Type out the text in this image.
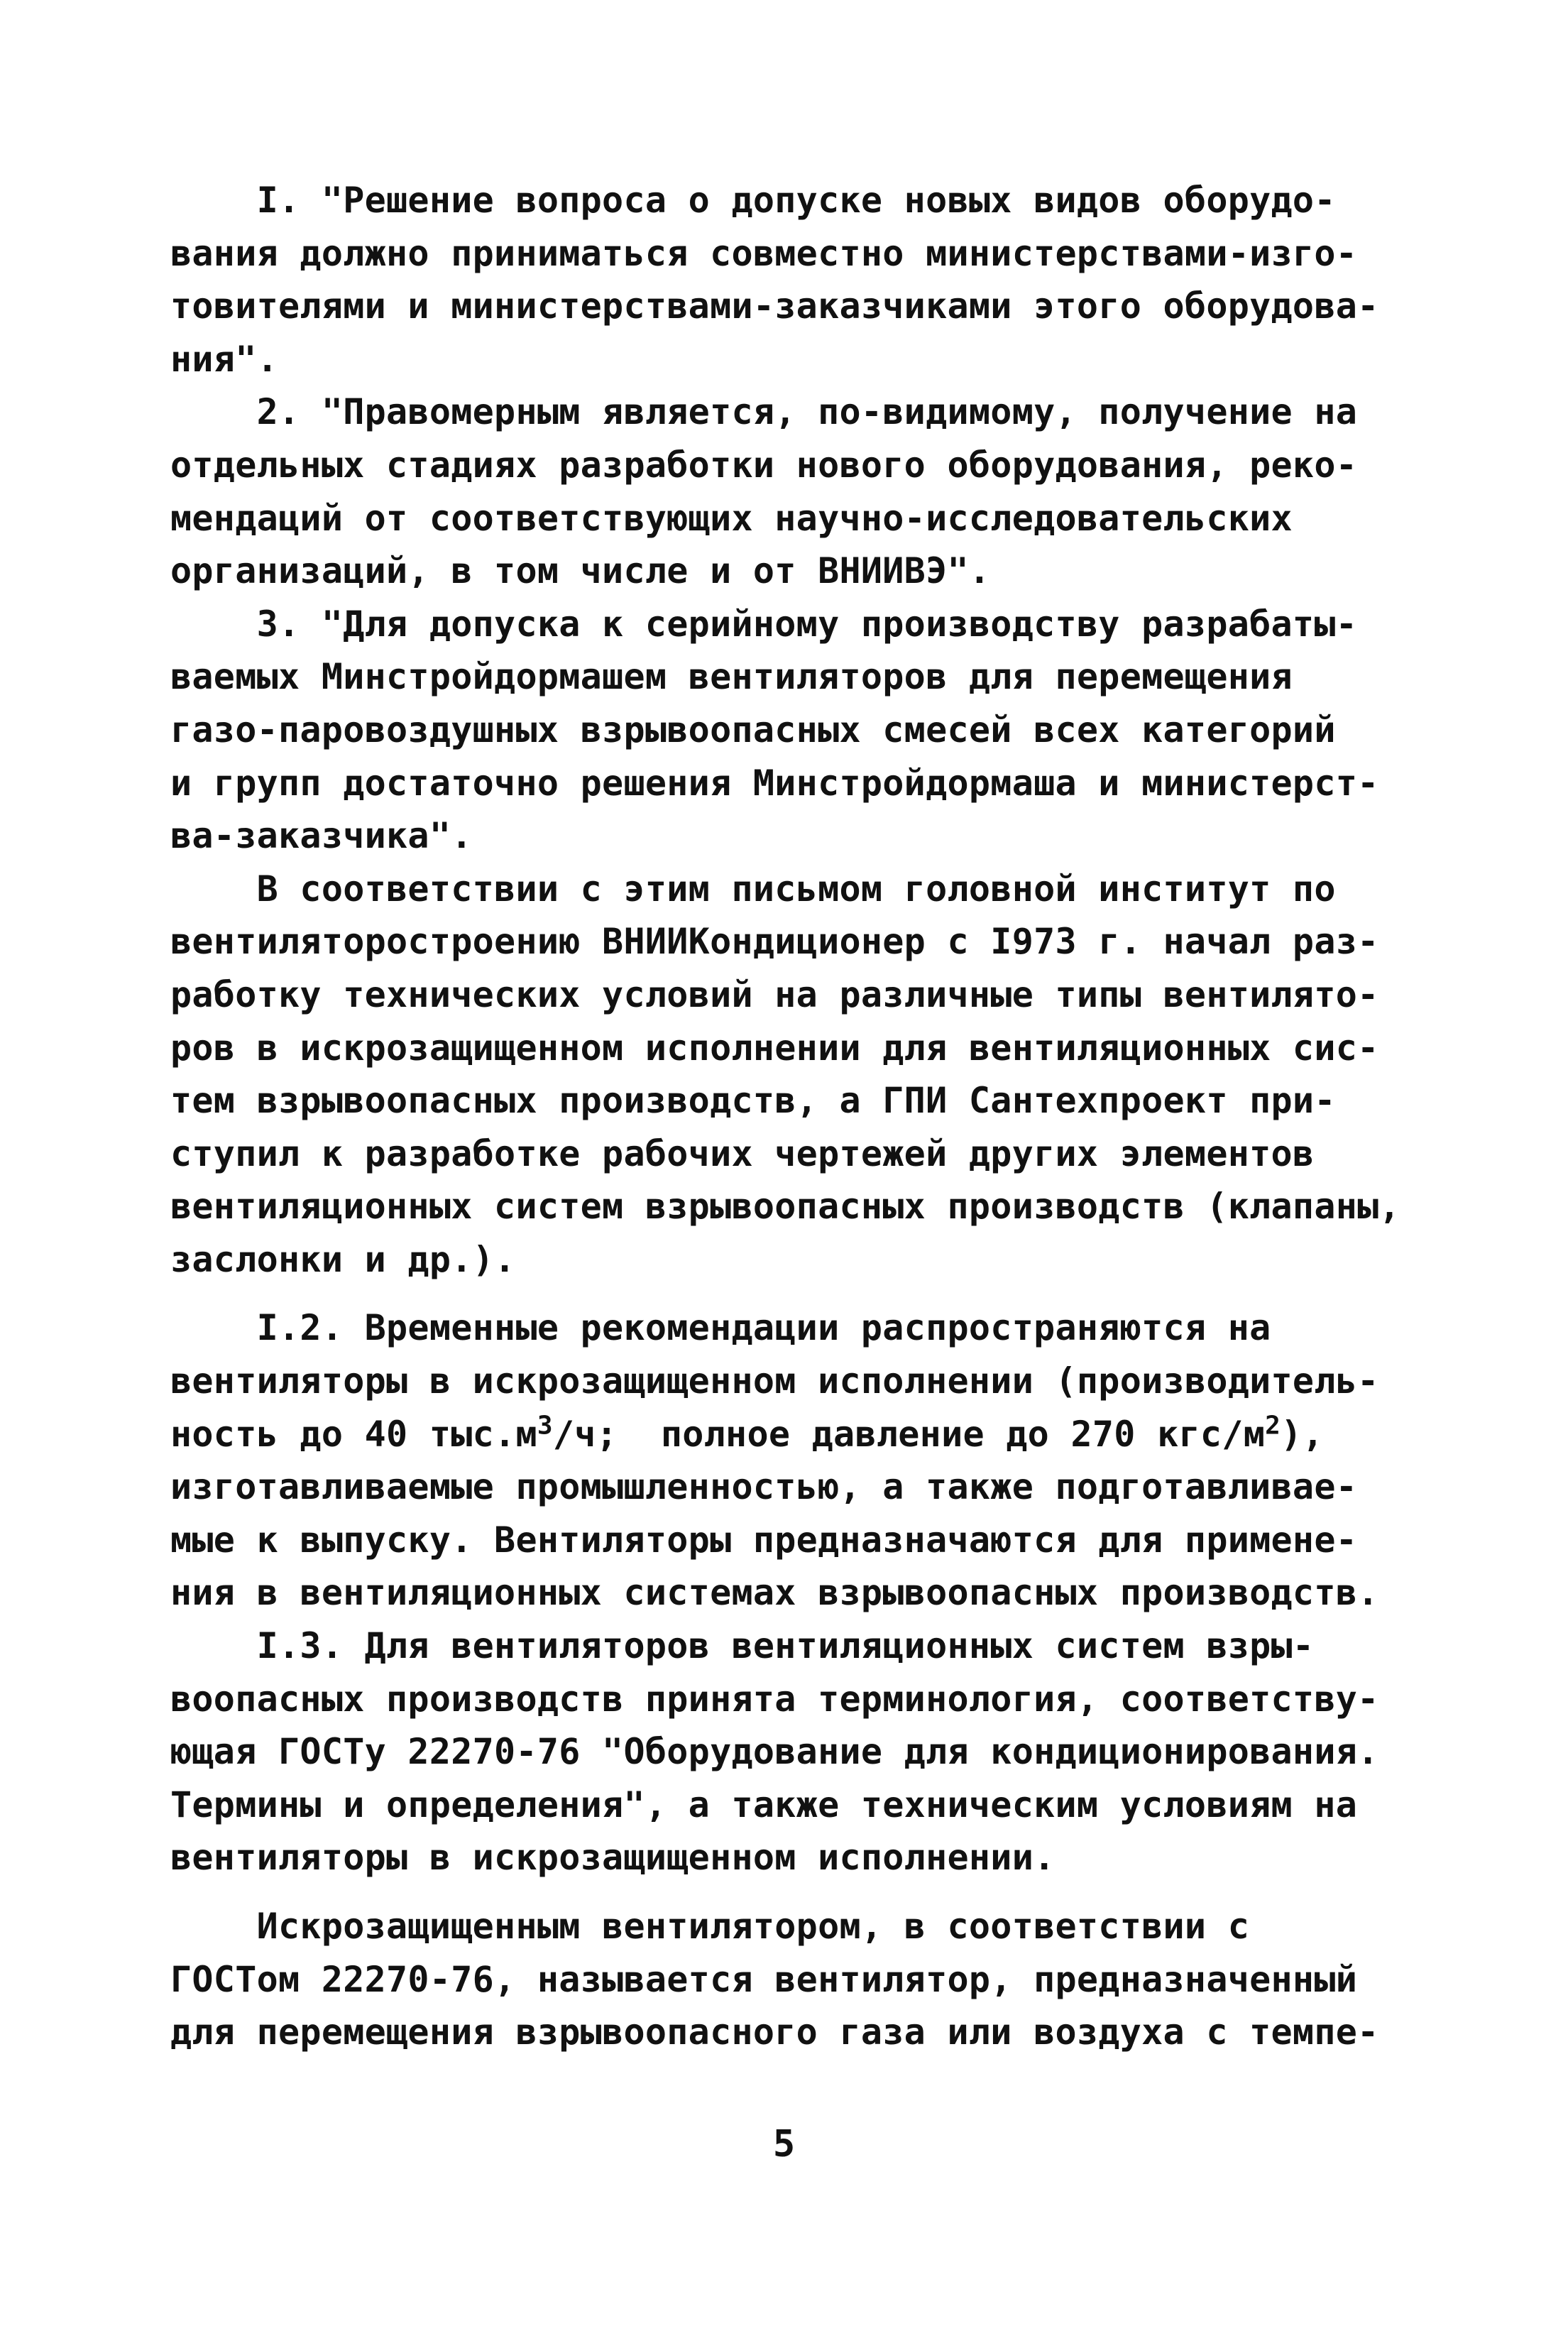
I. "Решение вопроса о допуске новых видов оборудо-
вания должно приниматься совместно министерствами-изго-
товителями и министерствами-заказчиками этого оборудова-
ния".
2. "Правомерным является, по-видимому, получение на
отдельных стадиях разработки нового оборудования, реко-
мендаций от соответствующих научно-исследовательских
организаций, в том числе и от ВНИИВЭ".
3. "Для допуска к серийному производству разрабаты-
ваемых Минстройдормашем вентиляторов для перемещения
газо-паровоздушных взрывоопасных смесей всех категорий
и групп достаточно решения Минстройдормаша и министерст-
ва-заказчика".
В соответствии с этим письмом головной институт по
вентиляторостроению ВНИИКондиционер с I973 г. начал раз-
работку технических условий на различные типы вентилято-
ров в искрозащищенном исполнении для вентиляционных сис-
тем взрывоопасных производств, а ГПИ Сантехпроект при-
ступил к разработке рабочих чертежей других элементов
вентиляционных систем взрывоопасных производств (клапаны,
заслонки и др.).
I.2. Временные рекомендации распространяются на
вентиляторы в искрозащищенном исполнении (производитель-
ность до 40 $тыс.м^3/ч$;  полное давление до 270 кгс/$м^2$),
изготавливаемые промышленностью, а также подготавливае-
мые к выпуску. Вентиляторы предназначаются для примене-
ния в вентиляционных системах взрывоопасных производств.
I.3. Для вентиляторов вентиляционных систем взры-
воопасных производств принята терминология, соответству-
ющая ГОСТу 22270-76 "Оборудование для кондиционирования.
Термины и определения", а также техническим условиям на
вентиляторы в искрозащищенном исполнении.
Искрозащищенным вентилятором, в соответствии с
ГОСТом 22270-76, называется вентилятор, предназначенный
для перемещения взрывоопасного газа или воздуха с темпе-
5
